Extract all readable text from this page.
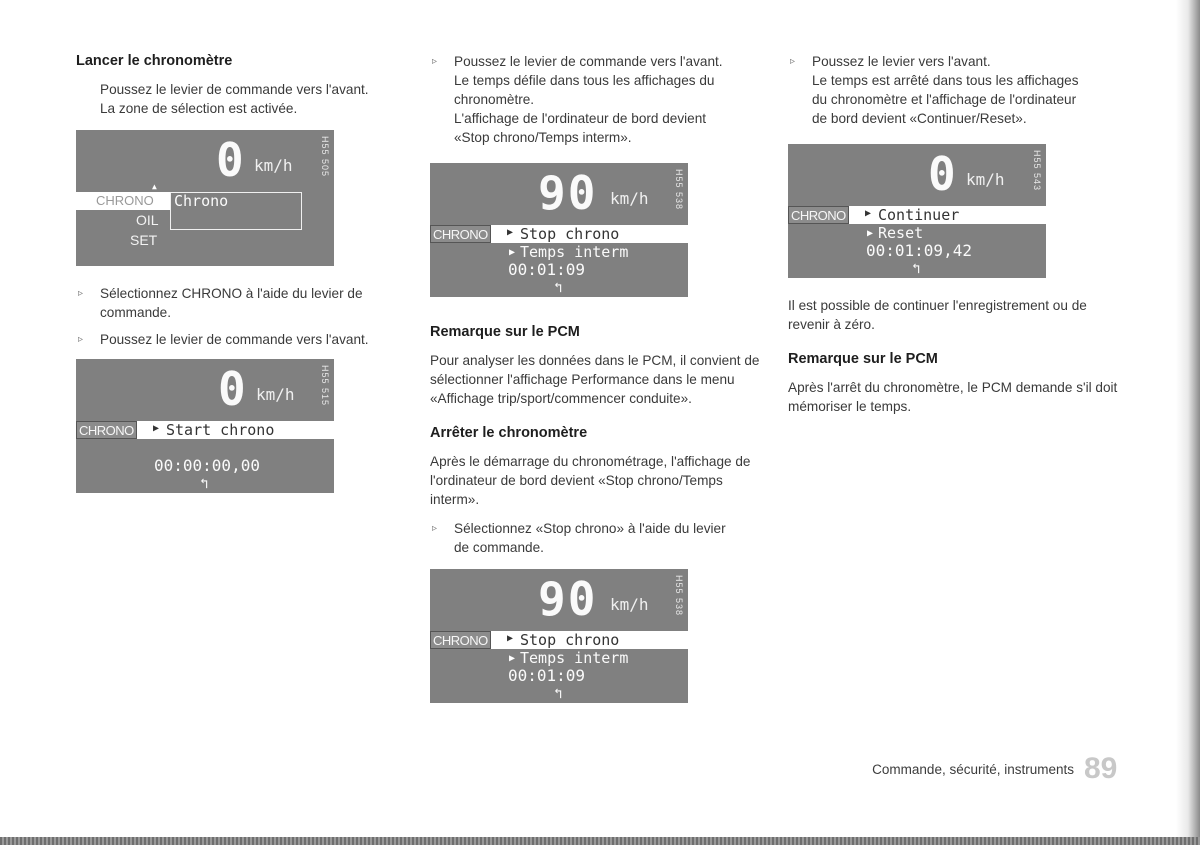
Lancer le chronomètre
Poussez le levier de commande vers l'avant.
La zone de sélection est activée.
0 km/h	H55 505
▲
CHRONO Chrono
OIL
SET
▹ Sélectionnez CHRONO à l'aide du levier de
commande.
▹ Poussez le levier de commande vers l'avant.
0 km/h	H55 515
CHRONO	▶ Start chrono
00:00:00,00
↰
▹ Poussez le levier de commande vers l'avant.
Le temps défile dans tous les affichages du
chronomètre.
L'affichage de l'ordinateur de bord devient
«Stop chrono/Temps interm».
90 km/h	H55 538
CHRONO	▶ Stop chrono
▶ Temps interm
00:01:09
↰
Remarque sur le PCM
Pour analyser les données dans le PCM, il convient de sélectionner l'affichage Performance dans le menu «Affichage trip/sport/commencer conduite».
Arrêter le chronomètre
Après le démarrage du chronométrage, l'affichage de l'ordinateur de bord devient «Stop chrono/Temps interm».
▹ Sélectionnez «Stop chrono» à l'aide du levier
de commande.
90 km/h	H55 538
CHRONO	▶ Stop chrono
▶ Temps interm
00:01:09
↰
▹ Poussez le levier vers l'avant.
Le temps est arrêté dans tous les affichages
du chronomètre et l'affichage de l'ordinateur
de bord devient «Continuer/Reset».
0 km/h	H55 543
CHRONO	▶ Continuer
▶ Reset
00:01:09,42
↰
Il est possible de continuer l'enregistrement ou de revenir à zéro.
Remarque sur le PCM
Après l'arrêt du chronomètre, le PCM demande s'il doit mémoriser le temps.
Commande, sécurité, instruments 89
